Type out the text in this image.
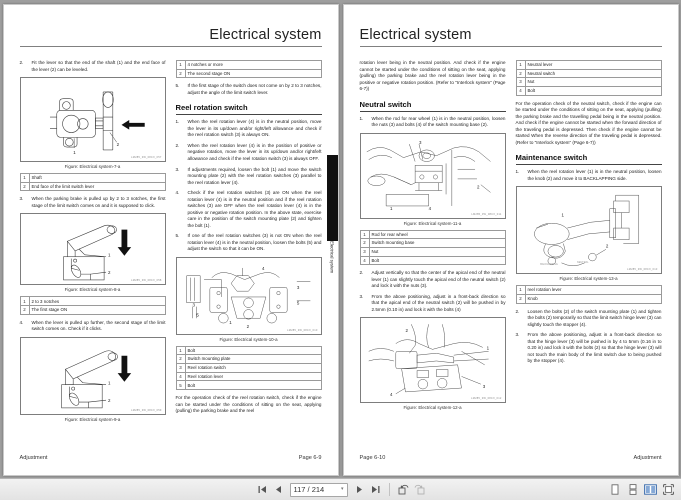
Electrical system
2.	Fit the lever so that the end of the shaft (1) and the end face of the lever (2) can be leveled.
1
2
LM285_3W_08CX_057
Figure: Electrical system-7-a
1	Shaft
2	End face of the limit switch lever
3.	When the parking brake is pulled up by 2 to 3 notches, the first stage of the limit switch comes on and it is supposed to click.
1
2
LM285_3W_08CX_058
Figure: Electrical system-8-a
1	2 to 3 notches
2	The first stage ON
4.	When the lever is pulled up further, the second stage of the limit switch comes on. Check if it clicks.
1
2
LM285_3W_08CX_059
Figure: Electrical system-9-a
1	4 notches or more
2	The second stage ON
5.	If the first stage of the switch does not come on by 2 to 3 notches, adjust the angle of the limit switch lever.
Reel rotation switch
1.	When the reel rotation lever (4) is in the neutral position, move the lever in its up/down and/or right/left allowance and check if the reel rotation switch (3) is always ON.
2.	When the reel rotation lever (4) is in the position of positive or negative rotation, move the lever in its up/down and/or right/left allowance and check if the reel rotation switch (3) is always OFF.
3.	If adjustments required, loosen the bolt (1) and move the switch mounting plate (2) with the reel rotation switches (3) parallel to the reel rotation lever (4).
4.	Check if the reel rotation switches (3) are ON when the reel rotation lever (4) is in the neutral position and if the reel rotation switches (3) are OFF when the reel rotation lever (4) is in the positive or negative rotation position. In the above state, exercise care in the position of the switch mounting plate (2) and tighten the bolt (1).
5.	If one of the reel rotation switches (3) is not ON when the reel rotation lever (4) is in the neutral position, loosen the bolts (5) and adjust the switch so that it can be ON.
4
3
5
3
5
1
2
LM285_3W_08CX_010
Figure: Electrical system-10-a
1	Bolt
2	Switch mounting plate
3	Reel rotation switch
4	Reel rotation lever
5	Bolt

For the operation check of the reel rotation switch, check if the engine can be started under the conditions of sitting on the seat, applying (pulling) the parking brake and the reel

Electrical system
Adjustment	Page 6-9
Electrical system

rotation lever being in the neutral position. And check if the engine cannot be started under the conditions of sitting on the seat, applying (pulling) the parking brake and the reel rotation lever being in the positive or negative rotation position. (Refer to "Interlock system" (Page 6-7))

Neutral switch
1.	When the rod for rear wheel (1) is in the neutral position, loosen the nuts (3) and bolts (4) of the switch mounting base (2).
3
2
1	4
LM285_3W_08CX_011
Figure: Electrical system-11-a
1	Rod for rear wheel
2	Switch mounting base
3	Nut
4	Bolt
2.	Adjust vertically so that the center of the apical end of the neutral lever (1) can slightly touch the apical end of the neutral switch (2) and lock it with the nuts (3).
3.	From the above positioning, adjust in a front-back direction so that the apical end of the neutral switch (2) will be pushed in by 2.5mm (0.10 in) and lock it with the bolts (4)
2
1
4
3
LM285_3W_08CX_012
Figure: Electrical system-12-a
1	Neutral lever
2	Neutral switch
3	Nut
4	Bolt

For the operation check of the neutral switch, check if the engine can be started under the conditions of sitting on the seat, applying (pulling) the parking brake and the travelling pedal being in the neutral position. And check if the engine cannot be started when the forward direction of the traveling pedal is depressed. Then check if the engine cannot be started When the reverse direction of the traveling pedal is depressed. (Refer to "Interlock system" (Page 6-7))

Maintenance switch
1.	When the reel rotation lever (1) is in the neutral position, loosen the knob (2) and move it to BACKLAPPING side.
1
2
BACKLAPPING
NEUTRAL
LM285_3W_08CX_013
Figure: Electrical system-13-a
1	reel rotation lever
2	Knob
2.	Loosen the bolts (2) of the switch mounting plate (1) and tighten the bolts (2) temporarily so that the limit switch hinge lever (3) can slightly touch the stopper (4).
3.	From the above positioning, adjust in a front-back direction so that the hinge lever (3) will be pushed in by 4 to 5mm (0.16 in to 0.20 in) and lock it with the bolts (2) so that the hinge lever (3) will not touch the main body of the limit switch due to being pushed by the stopper (4).
Page 6-10	Adjustment
117 / 214	▾
